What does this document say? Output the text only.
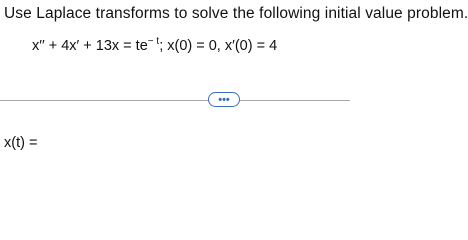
Use Laplace transforms to solve the following initial value problem.
$x'' + 4x' + 13x = te^{- t}$; x(0) = 0, x′(0) = 4
•••
x(t) =
